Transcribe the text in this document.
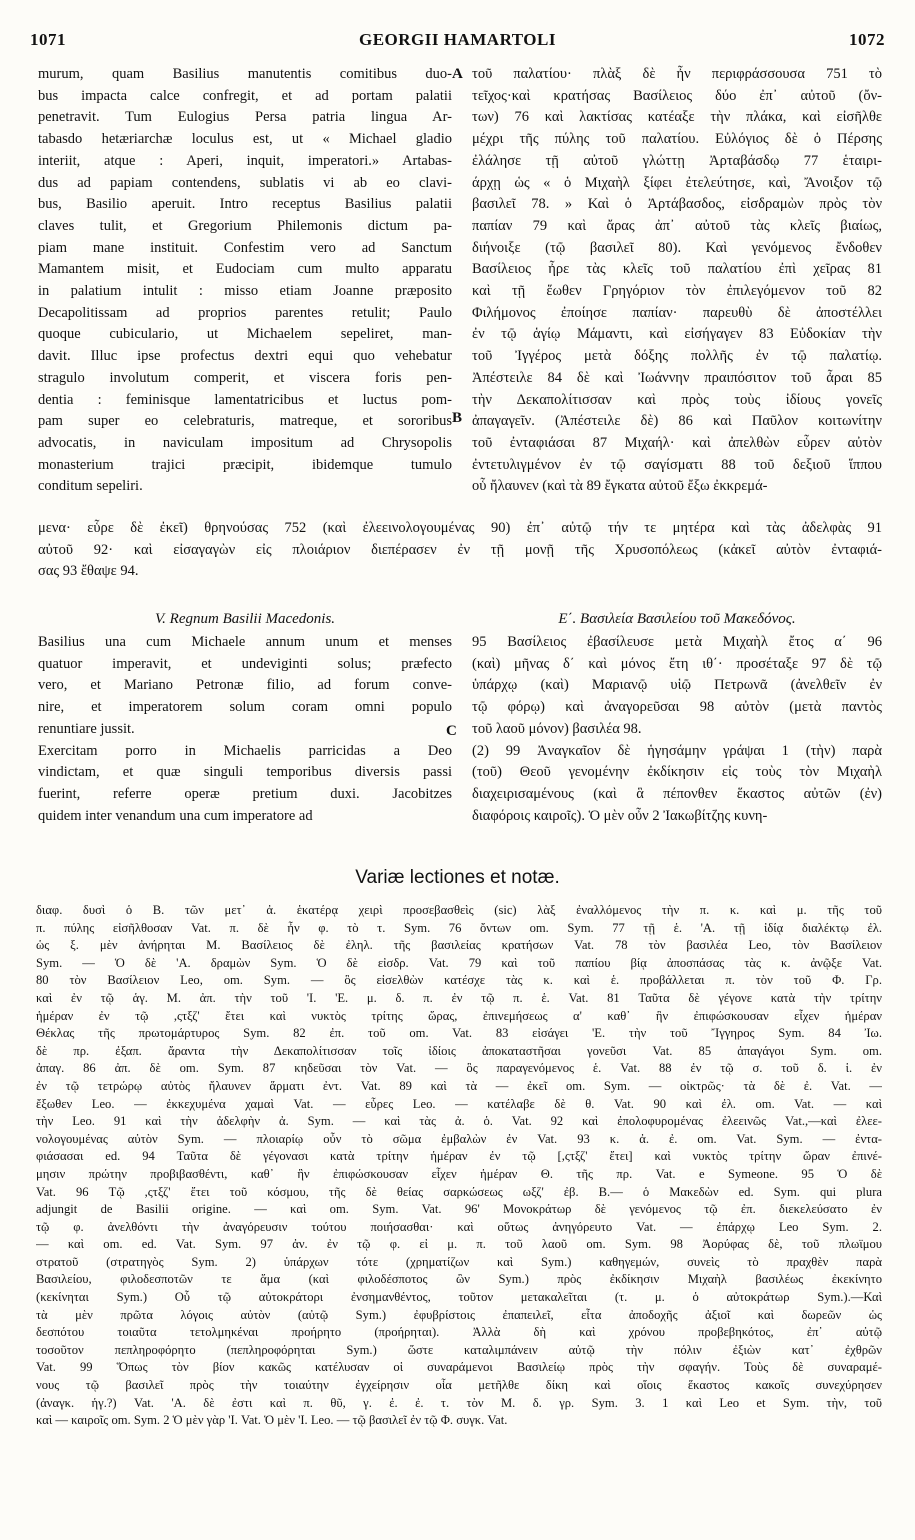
1071	GEORGII HAMARTOLI	1072
murum, quam Basilius manutentis comitibus duo-
bus impacta calce confregit, et ad portam palatii
penetravit. Tum Eulogius Persa patria lingua Ar-
tabasdo hetæriarchæ loculus est, ut « Michael gladio
interiit, atque : Aperi, inquit, imperatori.» Artabas-
dus ad papiam contendens, sublatis vi ab eo clavi-
bus, Basilio aperuit. Intro receptus Basilius palatii
claves tulit, et Gregorium Philemonis dictum pa-
piam mane instituit. Confestim vero ad Sanctum
Mamantem misit, et Eudociam cum multo apparatu
in palatium intulit : misso etiam Joanne præposito
Decapolitissam ad proprios parentes retulit; Paulo
quoque cubiculario, ut Michaelem sepeliret, man-
davit. Illuc ipse profectus dextri equi quo vehebatur
stragulo involutum comperit, et viscera foris pen-
dentia : feminisque lamentatricibus et luctus pom-
pam super eo celebraturis, matreque, et sororibus
advocatis, in naviculam impositum ad Chrysopolis
monasterium trajici præcipit, ibidemque tumulo
conditum sepeliri.
τοῦ παλατίου· πλὰξ δὲ ἦν περιφράσσουσα 751 τὸ
τεῖχος·καὶ κρατήσας Βασίλειος δύο ἐπ᾽ αὐτοῦ (ὄν-
των) 76 καὶ λακτίσας κατέαξε τὴν πλάκα, καὶ εἰσῆλθε
μέχρι τῆς πύλης τοῦ παλατίου. Εὐλόγιος δὲ ὁ Πέρσης
ἐλάλησε τῇ αὐτοῦ γλώττῃ Ἀρταβάσδῳ 77 ἑταιρι-
άρχῃ ὡς « ὁ Μιχαὴλ ξίφει ἐτελεύτησε, καὶ, Ἄνοιξον τῷ
βασιλεῖ 78. » Καὶ ὁ Ἀρτάβασδος, εἰσδραμὼν πρὸς τὸν
παπίαν 79 καὶ ἄρας ἀπ᾽ αὐτοῦ τὰς κλεῖς βιαίως,
διήνοιξε (τῷ βασιλεῖ 80). Καὶ γενόμενος ἔνδοθεν
Βασίλειος ἦρε τὰς κλεῖς τοῦ παλατίου ἐπὶ χεῖρας 81
καὶ τῇ ἕωθεν Γρηγόριον τὸν ἐπιλεγόμενον τοῦ 82
Φιλήμονος ἐποίησε παπίαν· παρευθὺ δὲ ἀποστέλλει
ἐν τῷ ἁγίῳ Μάμαντι, καὶ εἰσήγαγεν 83 Εὐδοκίαν τὴν
τοῦ Ἰγγέρος μετὰ δόξης πολλῆς ἐν τῷ παλατίῳ.
Ἀπέστειλε 84 δὲ καὶ Ἰωάννην πραιπόσιτον τοῦ ἆραι 85
τὴν Δεκαπολίτισσαν καὶ πρὸς τοὺς ἰδίους γονεῖς
ἀπαγαγεῖν. (Ἀπέστειλε δὲ) 86 καὶ Παῦλον κοιτωνίτην
τοῦ ἐνταφιάσαι 87 Μιχαήλ· καὶ ἀπελθὼν εὗρεν αὐτὸν
ἐντετυλιγμένον ἐν τῷ σαγίσματι 88 τοῦ δεξιοῦ ἵππου
οὗ ἤλαυνεν (καὶ τὰ 89 ἔγκατα αὐτοῦ ἔξω ἐκκρεμά-
A
B
C
μενα· εὗρε δὲ ἐκεῖ) θρηνούσας 752 (καὶ ἐλεεινολογουμένας 90) ἐπ᾽ αὐτῷ τήν τε μητέρα καὶ τὰς ἀδελφὰς 91
αὐτοῦ 92· καὶ εἰσαγαγὼν εἰς πλοιάριον διεπέρασεν ἐν τῇ μονῇ τῆς Χρυσοπόλεως (κἀκεῖ αὐτὸν ἐνταφιά-
σας 93 ἔθαψε 94.
V. Regnum Basilii Macedonis.	Ε΄. Βασιλεία Βασιλείου τοῦ Μακεδόνος.
Basilius una cum Michaele annum unum et menses
quatuor imperavit, et undeviginti solus; præfecto
vero, et Mariano Petronæ filio, ad forum conve-
nire, et imperatorem solum coram omni populo
renuntiare jussit.
Exercitam porro in Michaelis parricidas a Deo
vindictam, et quæ singuli temporibus diversis passi
fuerint, referre operæ pretium duxi. Jacobitzes
quidem inter venandum una cum imperatore ad
95 Βασίλειος ἐβασίλευσε μετὰ Μιχαὴλ ἔτος α΄ 96
(καὶ) μῆνας δ΄ καὶ μόνος ἔτη ιθ΄· προσέταξε 97 δὲ τῷ
ὑπάρχῳ (καὶ) Μαριανῷ υἱῷ Πετρωνᾶ (ἀνελθεῖν ἐν
τῷ φόρῳ) καὶ ἀναγορεῦσαι 98 αὐτὸν (μετὰ παντὸς
τοῦ λαοῦ μόνον) βασιλέα 98.
(2) 99 Ἀναγκαῖον δὲ ἡγησάμην γράψαι 1 (τὴν) παρὰ
(τοῦ) Θεοῦ γενομένην ἐκδίκησιν εἰς τοὺς τὸν Μιχαὴλ
διαχειρισαμένους (καὶ ἃ πέπονθεν ἕκαστος αὐτῶν (ἐν)
διαφόροις καιροῖς). Ὁ μὲν οὖν 2 Ἰακωβίτζης κυνη-
Variæ lectiones et notæ.
διαφ. δυσὶ ὁ Β. τῶν μετ᾽ ἀ. ἑκατέρᾳ χειρὶ προσεβασθεὶς (sic) λὰξ ἐναλλόμενος τὴν π. κ. καὶ μ. τῆς τοῦ
π. πύλης εἰσῆλθοσαν Vat. π. δὲ ἦν φ. τὸ τ. Sym. 76 ὄντων om. Sym. 77 τῇ ἑ. 'Α. τῇ ἰδίᾳ διαλέκτῳ ἐλ.
ὡς ξ. μὲν ἀνήρηται M. Βασίλειος δὲ ἐληλ. τῆς βασιλείας κρατήσων Vat. 78 τὸν βασιλέα Leo, τὸν Βασίλειον
Sym. — Ὁ δὲ 'Α. δραμὼν Sym. Ὁ δὲ εἰσδρ. Vat. 79 καὶ τοῦ παπίου βίᾳ ἀποσπάσας τὰς κ. ἀνῷξε Vat.
80 τὸν Βασίλειον Leo, om. Sym. — ὃς εἰσελθὼν κατέσχε τὰς κ. καὶ ἑ. προβάλλεται π. τὸν τοῦ Φ. Γρ.
καὶ ἐν τῷ ἁγ. M. ἀπ. τὴν τοῦ 'Ι. 'Ε. μ. δ. π. ἐν τῷ π. ἑ. Vat. 81 Ταῦτα δὲ γέγονε κατὰ τὴν τρίτην
ἡμέραν ἐν τῷ ,ςτξζ' ἔτει καὶ νυκτὸς τρίτης ὥρας, ἐπινεμήσεως α' καθ᾽ ἣν ἐπιφώσκουσαν εἶχεν ἡμέραν
Θέκλας τῆς πρωτομάρτυρος Sym. 82 ἐπ. τοῦ om. Vat. 83 εἰσάγει 'Ε. τὴν τοῦ Ἴγγηρος Sym. 84 Ἰω.
δὲ πρ. ἐξαπ. ἄραντα τὴν Δεκαπολίτισσαν τοῖς ἰδίοις ἀποκαταστῆσαι γονεῦσι Vat. 85 ἀπαγάγοι Sym. om.
ἀπαγ. 86 ἀπ. δὲ om. Sym. 87 κηδεῦσαι τὸν Vat. — ὃς παραγενόμενος ἑ. Vat. 88 ἐν τῷ σ. τοῦ δ. ἱ. ἐν
ἐν τῷ τετρώρῳ αὐτὸς ἤλαυνεν ἅρματι ἐντ. Vat. 89 καὶ τὰ — ἐκεῖ om. Sym. — οἰκτρῶς· τὰ δὲ ἐ. Vat. —
ἔξωθεν Leo. — ἐκκεχυμένα χαμαὶ Vat. — εὗρες Leo. — κατέλαβε δὲ θ. Vat. 90 καὶ ἐλ. om. Vat. — καὶ
τὴν Leo. 91 καὶ τὴν ἀδελφὴν ἀ. Sym. — καὶ τὰς ἀ. ὁ. Vat. 92 καὶ ἐπολοφυρομένας ἐλεεινῶς Vat.,—καὶ ἐλεε-
νολογουμένας αὐτὸν Sym. — πλοιαρίῳ οὖν τὸ σῶμα ἐμβαλὼν ἐν Vat. 93 κ. ἀ. ἐ. om. Vat. Sym. — ἐντα-
φιάσασαι ed. 94 Ταῦτα δὲ γέγονασι κατὰ τρίτην ἡμέραν ἐν τῷ [,ςτξζ' ἔτει] καὶ νυκτὸς τρίτην ὥραν ἐπινέ-
μησιν πρώτην προβιβασθέντι, καθ᾽ ἣν ἐπιφώσκουσαν εἶχεν ἡμέραν Θ. τῆς πρ. Vat. e Symeone. 95 Ὁ δὲ
Vat. 96 Τῷ ,ςτξζ' ἔτει τοῦ κόσμου, τῆς δὲ θείας σαρκώσεως ωξζ' ἐβ. Β.— ὁ Μακεδὼν ed. Sym. qui plura
adjungit de Basilii origine. — καὶ om. Sym. Vat. 96' Μονοκράτωρ δὲ γενόμενος τῷ ἐπ. διεκελεύσατο ἐν
τῷ φ. ἀνελθόντι τὴν ἀναγόρευσιν τούτου ποιήσασθαι· καὶ οὕτως ἀνηγόρευτο Vat. — ἐπάρχῳ Leo Sym. 2.
— καὶ om. ed. Vat. Sym. 97 ἀν. ἐν τῷ φ. εἰ μ. π. τοῦ λαοῦ om. Sym. 98 Ἀορύφας δὲ, τοῦ πλωϊμου
στρατοῦ (στρατηγὸς Sym. 2) ὑπάρχων τότε (χρηματίζων καὶ Sym.) καθηγεμών, συνεὶς τὸ πραχθὲν παρὰ
Βασιλείου, φιλοδεσποτῶν τε ἅμα (καὶ φιλοδέσποτος ὢν Sym.) πρὸς ἐκδίκησιν Μιχαὴλ βασιλέως ἐκεκίνητο
(κεκίνηται Sym.) Οὗ τῷ αὐτοκράτορι ἐνσημανθέντος, τοῦτον μετακαλεῖται (τ. μ. ὁ αὐτοκράτωρ Sym.).—Καὶ
τὰ μὲν πρῶτα λόγοις αὐτὸν (αὐτῷ Sym.) ἐφυβρίστοις ἐπαπειλεῖ, εἶτα ἀποδοχῆς ἀξιοῖ καὶ δωρεῶν ὡς
δεσπότου τοιαῦτα τετολμηκέναι προήρητο (προήρηται). Ἀλλὰ δὴ καὶ χρόνου προβεβηκότος, ἐπ᾽ αὐτῷ
τοσοῦτον πεπληροφόρητο (πεπληροφόρηται Sym.) ὥστε καταλιμπάνειν αὐτῷ τὴν πόλιν ἐξιὼν κατ᾽ ἐχθρῶν
Vat. 99 Ὅπως τὸν βίον κακῶς κατέλυσαν οἱ συναράμενοι Βασιλείῳ πρὸς τὴν σφαγήν. Τοὺς δὲ συναραμέ-
νους τῷ βασιλεῖ πρὸς τὴν τοιαύτην ἐγχείρησιν οἷα μετῆλθε δίκη καὶ οἵοις ἕκαστος κακοῖς συνεχύρησεν
(ἀναγκ. ἡγ.?) Vat. 'Α. δὲ ἐστι καὶ π. θῦ, γ. ἐ. ἐ. τ. τὸν M. δ. γρ. Sym. 3. 1 καὶ Leo et Sym. τὴν, τοῦ
καὶ — καιροῖς om. Sym. 2 Ὁ μὲν γὰρ 'Ι. Vat. Ὁ μὲν 'Ι. Leo. — τῷ βασιλεῖ ἐν τῷ Φ. συγκ. Vat.
